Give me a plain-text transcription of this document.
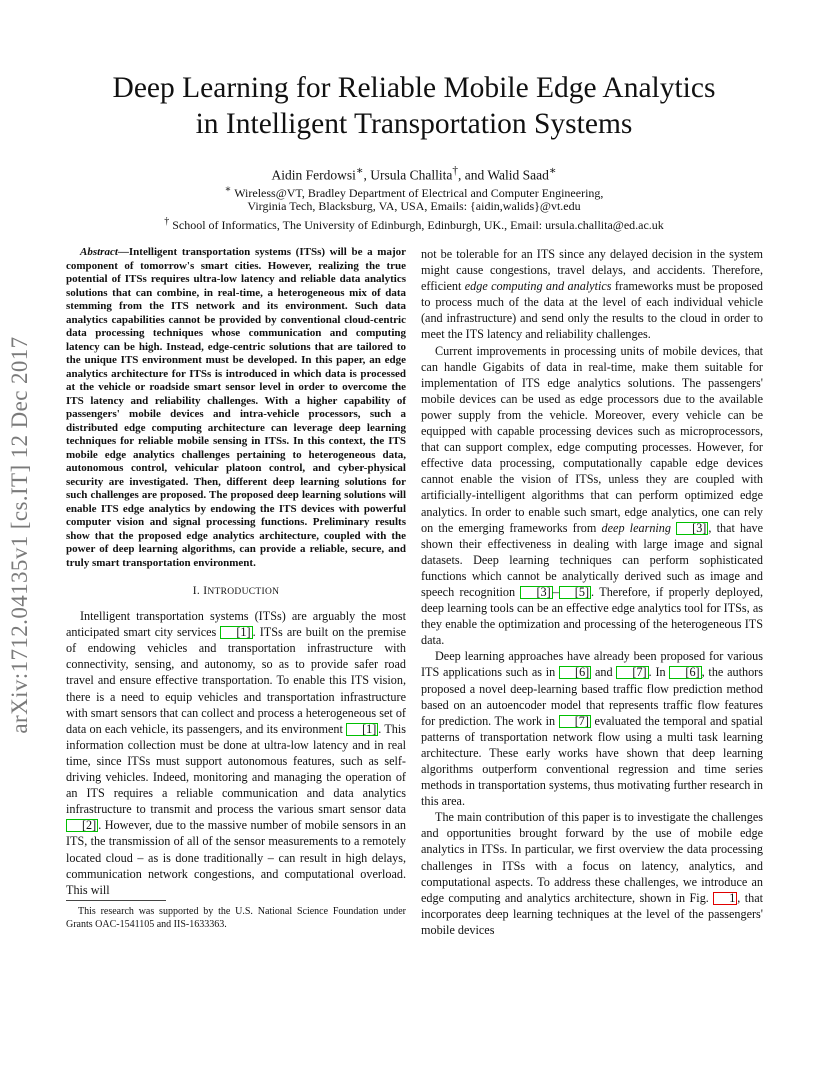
arXiv:1712.04135v1 [cs.IT] 12 Dec 2017
Deep Learning for Reliable Mobile Edge Analytics
in Intelligent Transportation Systems
Aidin Ferdowsi∗, Ursula Challita†, and Walid Saad∗
∗ Wireless@VT, Bradley Department of Electrical and Computer Engineering,
Virginia Tech, Blacksburg, VA, USA, Emails: {aidin,walids}@vt.edu
† School of Informatics, The University of Edinburgh, Edinburgh, UK., Email: ursula.challita@ed.ac.uk

Abstract—Intelligent transportation systems (ITSs) will be a major component of tomorrow's smart cities. However, realizing the true potential of ITSs requires ultra-low latency and reliable data analytics solutions that can combine, in real-time, a heterogeneous mix of data stemming from the ITS network and its environment. Such data analytics capabilities cannot be provided by conventional cloud-centric data processing techniques whose communication and computing latency can be high. Instead, edge-centric solutions that are tailored to the unique ITS environment must be developed. In this paper, an edge analytics architecture for ITSs is introduced in which data is processed at the vehicle or roadside smart sensor level in order to overcome the ITS latency and reliability challenges. With a higher capability of passengers' mobile devices and intra-vehicle processors, such a distributed edge computing architecture can leverage deep learning techniques for reliable mobile sensing in ITSs. In this context, the ITS mobile edge analytics challenges pertaining to heterogeneous data, autonomous control, vehicular platoon control, and cyber-physical security are investigated. Then, different deep learning solutions for such challenges are proposed. The proposed deep learning solutions will enable ITS edge analytics by endowing the ITS devices with powerful computer vision and signal processing functions. Preliminary results show that the proposed edge analytics architecture, coupled with the power of deep learning algorithms, can provide a reliable, secure, and truly smart transportation environment.

I. INTRODUCTION

Intelligent transportation systems (ITSs) are arguably the most anticipated smart city services [1] . ITSs are built on the premise of endowing vehicles and transportation infrastructure with connectivity, sensing, and autonomy, so as to provide safer road travel and ensure effective transportation. To enable this ITS vision, there is a need to equip vehicles and transportation infrastructure with smart sensors that can collect and process a heterogeneous set of data on each vehicle, its passengers, and its environment [1] . This information collection must be done at ultra-low latency and in real time, since ITSs must support autonomous features, such as self-driving vehicles. Indeed, monitoring and managing the operation of an ITS requires a reliable communication and data analytics infrastructure to transmit and process the various smart sensor data [2] . However, due to the massive number of mobile sensors in an ITS, the transmission of all of the sensor measurements to a remotely located cloud – as is done traditionally – can result in high delays, communication network congestions, and computational overload. This will

This research was supported by the U.S. National Science Foundation under Grants OAC-1541105 and IIS-1633363.

not be tolerable for an ITS since any delayed decision in the system might cause congestions, travel delays, and accidents. Therefore, efficient edge computing and analytics frameworks must be proposed to process much of the data at the level of each individual vehicle (and infrastructure) and send only the results to the cloud in order to meet the ITS latency and reliability challenges.

Current improvements in processing units of mobile devices, that can handle Gigabits of data in real-time, make them suitable for implementation of ITS edge analytics solutions. The passengers' mobile devices can be used as edge processors due to the available power supply from the vehicle. Moreover, every vehicle can be equipped with capable processing devices such as microprocessors, that can support complex, edge computing processes. However, for effective data processing, computationally capable edge devices cannot enable the vision of ITSs, unless they are coupled with artificially-intelligent algorithms that can perform optimized edge analytics. In order to enable such smart, edge analytics, one can rely on the emerging frameworks from deep learning [3] , that have shown their effectiveness in dealing with large image and signal datasets. Deep learning techniques can perform sophisticated functions which cannot be analytically derived such as image and speech recognition [3] – [5] . Therefore, if properly deployed, deep learning tools can be an effective edge analytics tool for ITSs, as they enable the optimization and processing of the heterogeneous ITS data.

Deep learning approaches have already been proposed for various ITS applications such as in [6] and [7] . In [6] , the authors proposed a novel deep-learning based traffic flow prediction method based on an autoencoder model that represents traffic flow features for prediction. The work in [7] evaluated the temporal and spatial patterns of transportation network flow using a multi task learning architecture. These early works have shown that deep learning algorithms outperform conventional regression and time series methods in transportation systems, thus motivating further research in this area.

The main contribution of this paper is to investigate the challenges and opportunities brought forward by the use of mobile edge analytics in ITSs. In particular, we first overview the data processing challenges in ITSs with a focus on latency, analytics, and computational aspects. To address these challenges, we introduce an edge computing and analytics architecture, shown in Fig. 1 , that incorporates deep learning techniques at the level of the passengers' mobile devices
